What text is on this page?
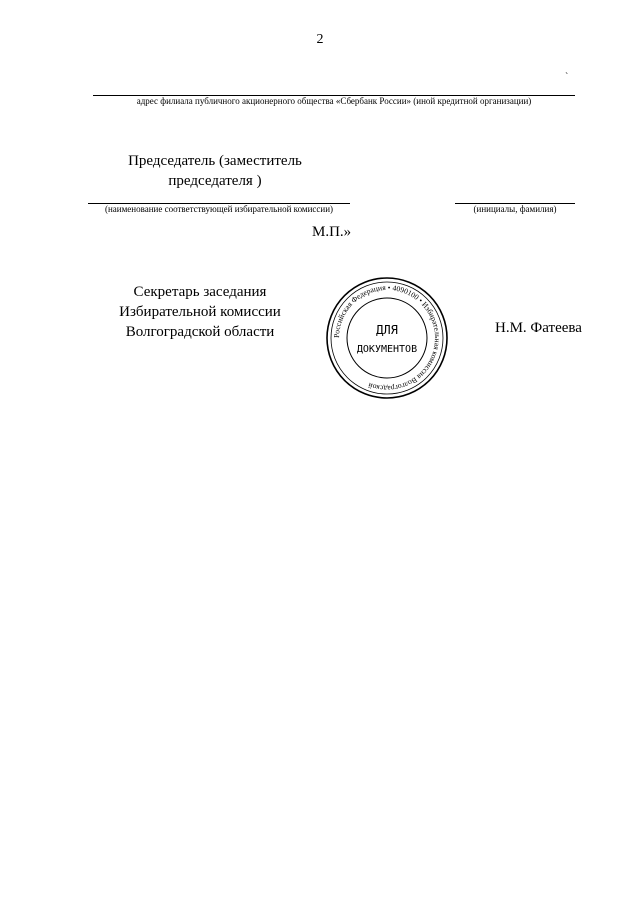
2
`
адрес филиала публичного акционерного общества «Сбербанк России» (иной кредитной организации)
Председатель (заместитель
председателя )
(наименование соответствующей избирательной комиссии)	(инициалы, фамилия)
М.П.»
Секретарь заседания
Избирательной комиссии
Волгоградской области	Н.М. Фатеева
Российская Федерация • 4090100 • Избирательная комиссия Волгоградской
ДЛЯ
ДОКУМЕНТОВ
